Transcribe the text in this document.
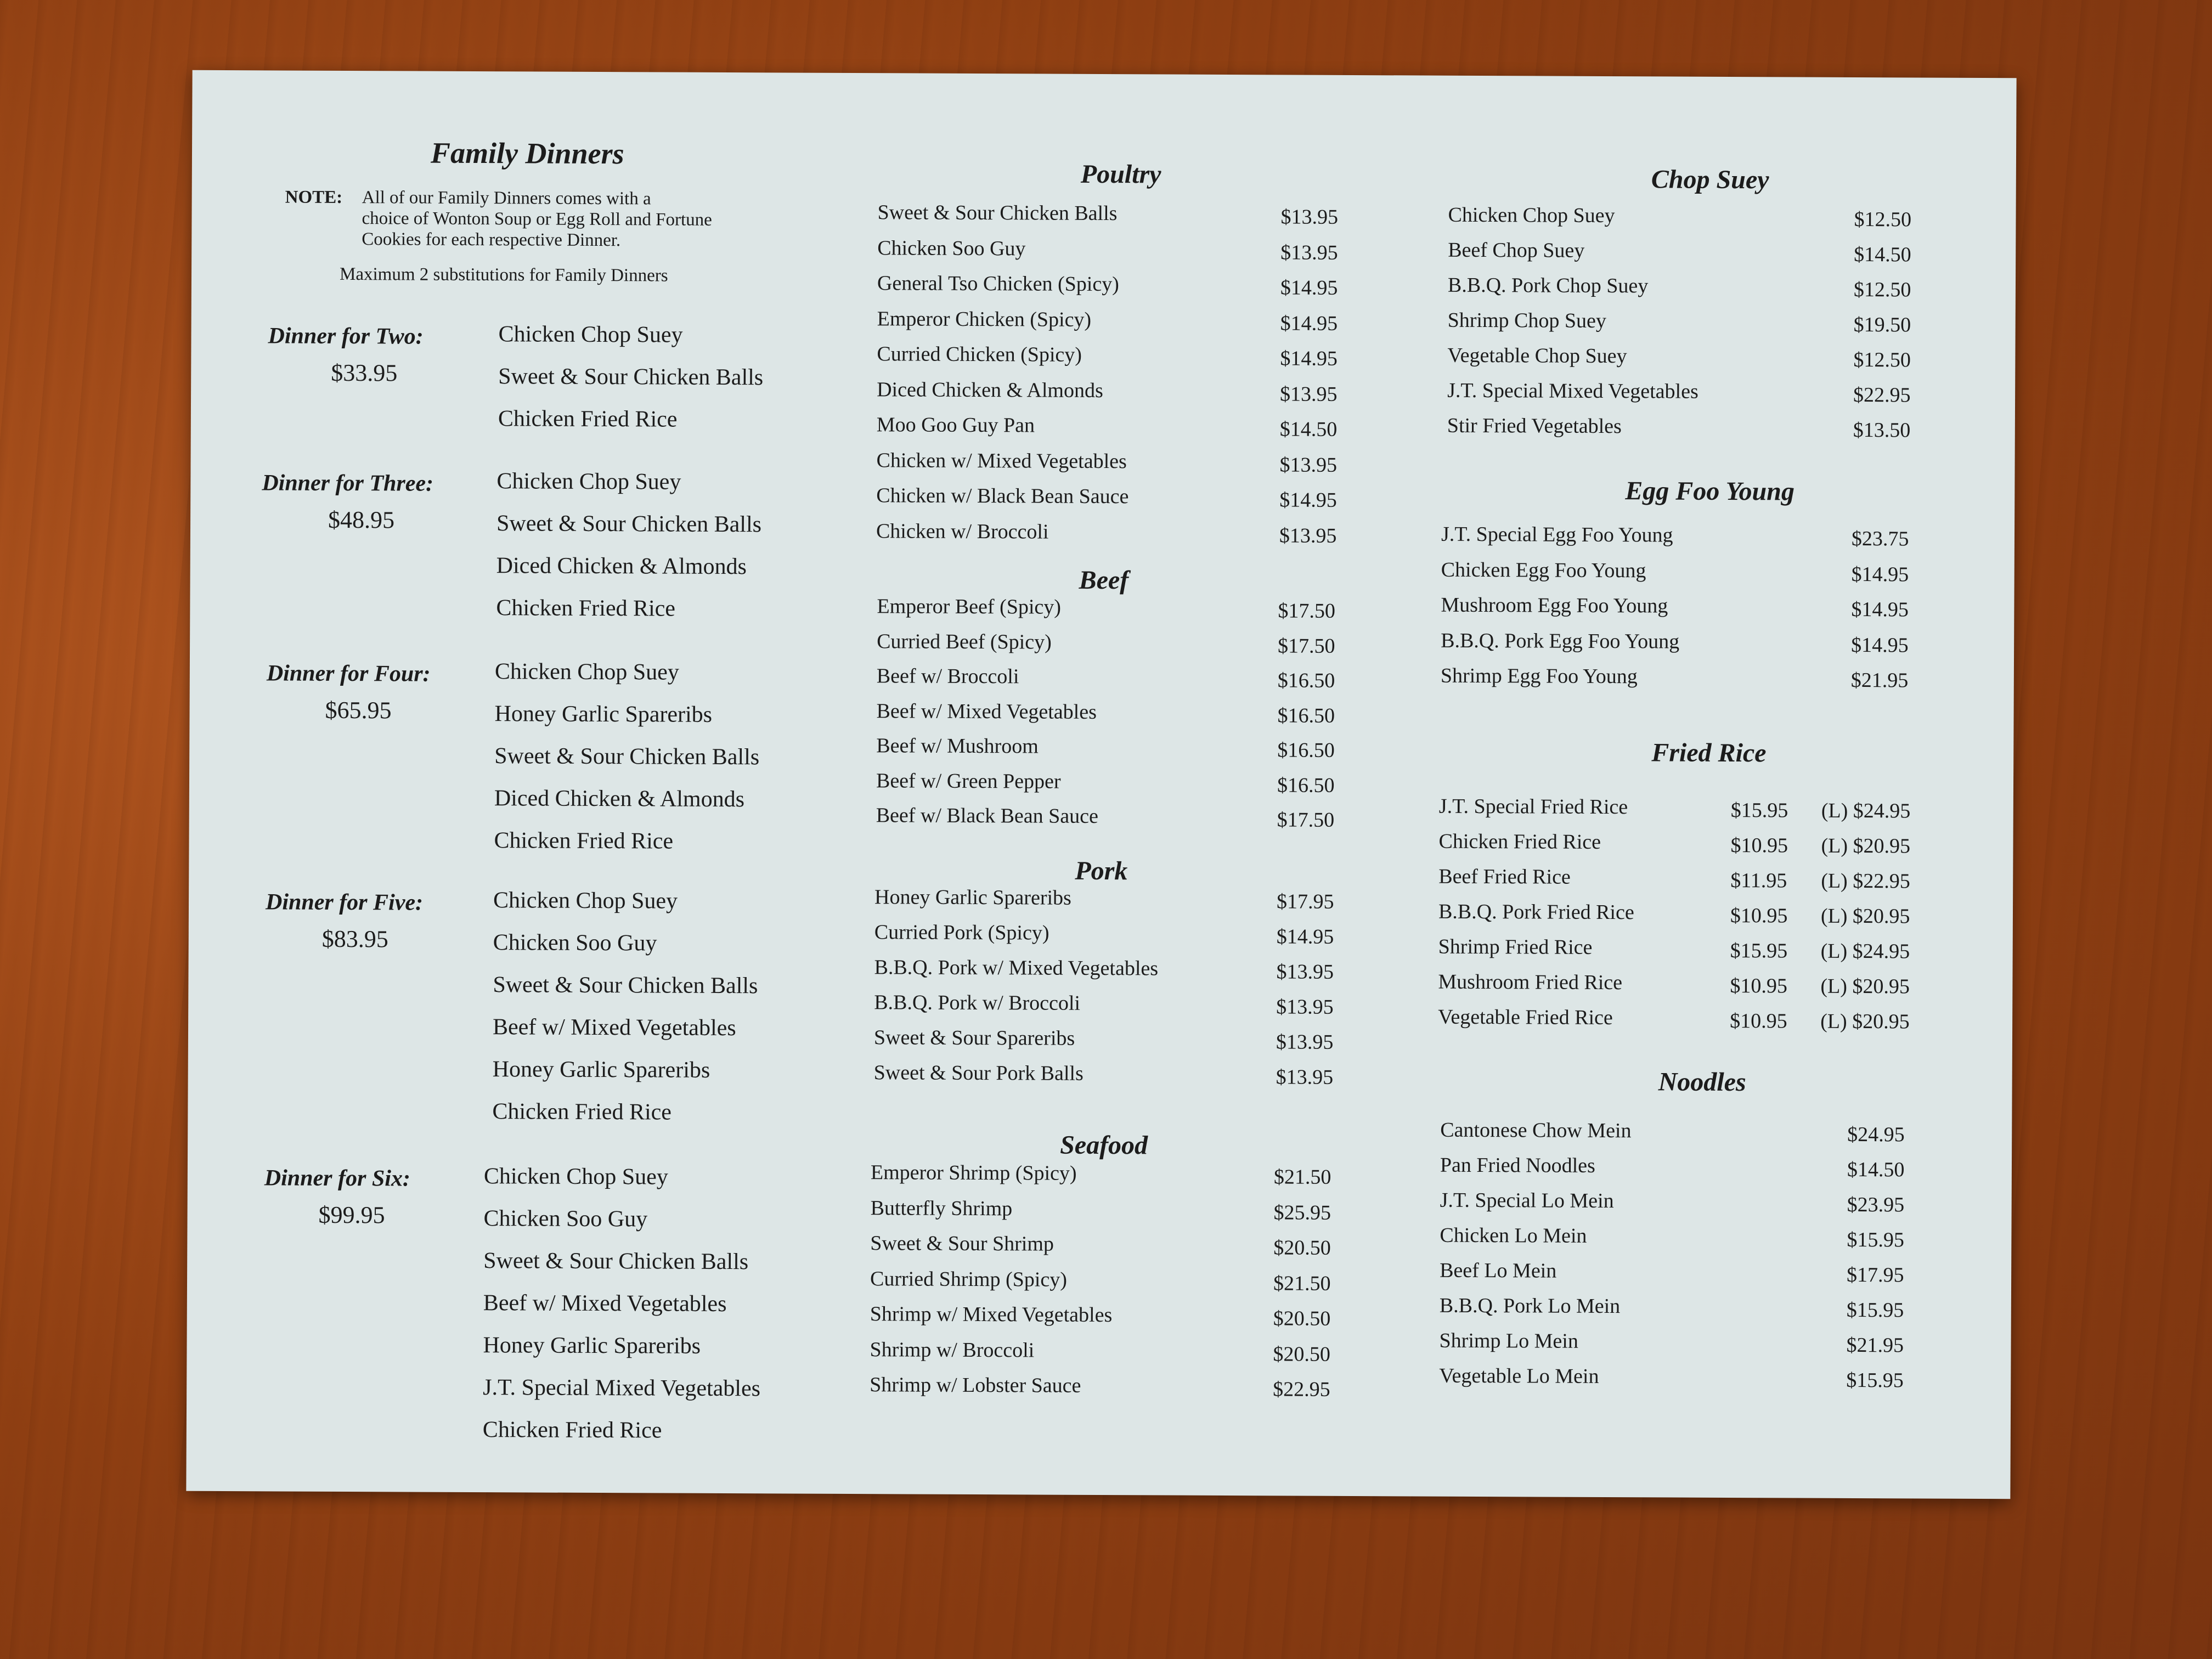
Family Dinners
NOTE: All of our Family Dinners comes with a
choice of Wonton Soup or Egg Roll and Fortune
Cookies for each respective Dinner.
Maximum 2 substitutions for Family Dinners
Dinner for Two:
$33.95
Chicken Chop Suey
Sweet & Sour Chicken Balls
Chicken Fried Rice
Dinner for Three:
$48.95
Chicken Chop Suey
Sweet & Sour Chicken Balls
Diced Chicken & Almonds
Chicken Fried Rice
Dinner for Four:
$65.95
Chicken Chop Suey
Honey Garlic Spareribs
Sweet & Sour Chicken Balls
Diced Chicken & Almonds
Chicken Fried Rice
Dinner for Five:
$83.95
Chicken Chop Suey
Chicken Soo Guy
Sweet & Sour Chicken Balls
Beef w/ Mixed Vegetables
Honey Garlic Spareribs
Chicken Fried Rice
Dinner for Six:
$99.95
Chicken Chop Suey
Chicken Soo Guy
Sweet & Sour Chicken Balls
Beef w/ Mixed Vegetables
Honey Garlic Spareribs
J.T. Special Mixed Vegetables
Chicken Fried Rice
Poultry
Sweet & Sour Chicken Balls	$13.95
Chicken Soo Guy	$13.95
General Tso Chicken (Spicy)	$14.95
Emperor Chicken (Spicy)	$14.95
Curried Chicken (Spicy)	$14.95
Diced Chicken & Almonds	$13.95
Moo Goo Guy Pan	$14.50
Chicken w/ Mixed Vegetables	$13.95
Chicken w/ Black Bean Sauce	$14.95
Chicken w/ Broccoli	$13.95
Beef
Emperor Beef (Spicy)	$17.50
Curried Beef (Spicy)	$17.50
Beef w/ Broccoli	$16.50
Beef w/ Mixed Vegetables	$16.50
Beef w/ Mushroom	$16.50
Beef w/ Green Pepper	$16.50
Beef w/ Black Bean Sauce	$17.50
Pork
Honey Garlic Spareribs	$17.95
Curried Pork (Spicy)	$14.95
B.B.Q. Pork w/ Mixed Vegetables	$13.95
B.B.Q. Pork w/ Broccoli	$13.95
Sweet & Sour Spareribs	$13.95
Sweet & Sour Pork Balls	$13.95
Seafood
Emperor Shrimp (Spicy)	$21.50
Butterfly Shrimp	$25.95
Sweet & Sour Shrimp	$20.50
Curried Shrimp (Spicy)	$21.50
Shrimp w/ Mixed Vegetables	$20.50
Shrimp w/ Broccoli	$20.50
Shrimp w/ Lobster Sauce	$22.95
Chop Suey
Chicken Chop Suey	$12.50
Beef Chop Suey	$14.50
B.B.Q. Pork Chop Suey	$12.50
Shrimp Chop Suey	$19.50
Vegetable Chop Suey	$12.50
J.T. Special Mixed Vegetables	$22.95
Stir Fried Vegetables	$13.50
Egg Foo Young
J.T. Special Egg Foo Young	$23.75
Chicken Egg Foo Young	$14.95
Mushroom Egg Foo Young	$14.95
B.B.Q. Pork Egg Foo Young	$14.95
Shrimp Egg Foo Young	$21.95
Fried Rice
J.T. Special Fried Rice	$15.95 (L) $24.95
Chicken Fried Rice	$10.95 (L) $20.95
Beef Fried Rice	$11.95 (L) $22.95
B.B.Q. Pork Fried Rice	$10.95 (L) $20.95
Shrimp Fried Rice	$15.95 (L) $24.95
Mushroom Fried Rice	$10.95 (L) $20.95
Vegetable Fried Rice	$10.95 (L) $20.95
Noodles
Cantonese Chow Mein	$24.95
Pan Fried Noodles	$14.50
J.T. Special Lo Mein	$23.95
Chicken Lo Mein	$15.95
Beef Lo Mein	$17.95
B.B.Q. Pork Lo Mein	$15.95
Shrimp Lo Mein	$21.95
Vegetable Lo Mein	$15.95
